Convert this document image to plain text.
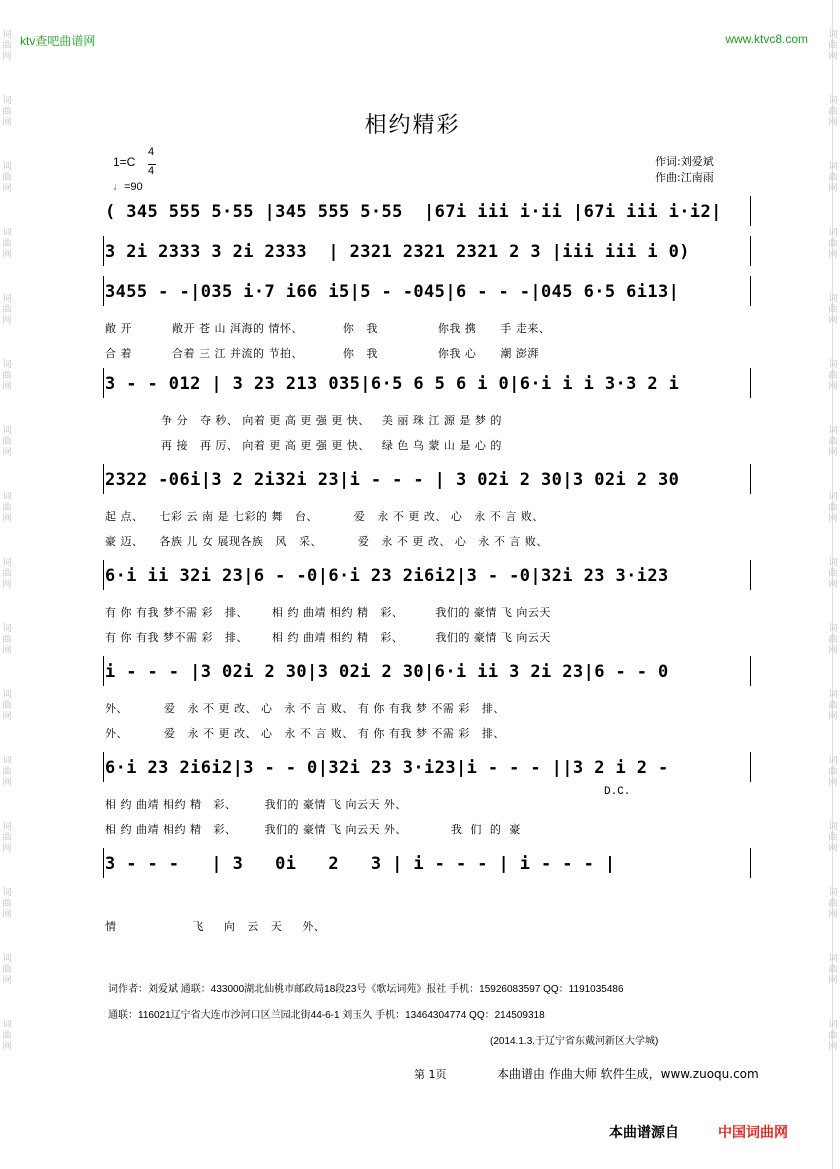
ktv查吧曲谱网	www.ktvc8.com
词
曲
网
词
曲
网
词
曲
网
词
曲
网
词
曲
网
词
曲
网
词
曲
网
词
曲
网
词
曲
网
词
曲
网
词
曲
网
词
曲
网
词
曲
网
词
曲
网
词
曲
网
词
曲
网
词
曲
网
词
曲
网
词
曲
网
词
曲
网
词
曲
网
词
曲
网
词
曲
网
词
曲
网
词
曲
网
词
曲
网
词
曲
网
词
曲
网
词
曲
网
词
曲
网
词
曲
网
词
曲
网
相约精彩
1=C
4
4
♩=90
作词:刘爱斌
作曲:江南雨
( 345 555 5·55 |345 555 5·55  |67i iii i·ii |67i iii i·i2|
3 2i 2333 3 2i 2333  | 2321 2321 2321 2 3 |iii iii i 0)
3455 - -|035 i·7 i66 i5|5 - -045|6 - - -|045 6·5 6i13|
敞 开          敞开 苍 山 洱海的 情怀、          你   我               你我 携      手 走来、
合 着          合着 三 江 并流的 节拍、          你   我               你我 心      潮 澎湃
3 - - 012 | 3 23 213 035|6·5 6 5 6 i 0|6·i i i 3·3 2 i
争 分   夺 秒、 向着 更 高 更 强 更 快、   美 丽 珠 江 源 是 梦 的
再 接   再 厉、 向着 更 高 更 强 更 快、   绿 色 乌 蒙 山 是 心 的
2322 -06i|3 2 2i32i 23|i - - - | 3 02i 2 30|3 02i 2 30
起 点、    七彩 云 南 是 七彩的 舞   台、         爱   永 不 更 改、 心   永 不 言 败、
豪 迈、    各族 儿 女 展现各族   风   采、         爱   永 不 更 改、 心   永 不 言 败、
6·i ii 32i 23|6 - -0|6·i 23 2i6i2|3 - -0|32i 23 3·i23
有 你 有我 梦不需 彩   排、      相 约 曲靖 相约 精   彩、        我们的 豪情 飞 向云天
有 你 有我 梦不需 彩   排、      相 约 曲靖 相约 精   彩、        我们的 豪情 飞 向云天
i - - - |3 02i 2 30|3 02i 2 30|6·i ii 3 2i 23|6 - - 0
外、         爱   永 不 更 改、 心   永 不 言 败、 有 你 有我 梦 不需 彩   排、
外、         爱   永 不 更 改、 心   永 不 言 败、 有 你 有我 梦 不需 彩   排、
6·i 23 2i6i2|3 - - 0|32i 23 3·i23|i - - - ||3 2 i 2 -
D.C.
相 约 曲靖 相约 精   彩、       我们的 豪情 飞 向云天 外、
相 约 曲靖 相约 精   彩、       我们的 豪情 飞 向云天 外、           我  们  的  豪
3 - - -   | 3   0i   2   3 | i - - - | i - - - |
情                   飞     向   云   天     外、
词作者：刘爱斌 通联：433000湖北仙桃市邮政局18段23号《歌坛词苑》报社 手机：15926083597 QQ：1191035486
通联：116021辽宁省大连市沙河口区兰园北街44-6-1 刘玉久 手机：13464304774 QQ：214509318
(2014.1.3.于辽宁省东戴河新区大学城)
第 1页	本曲谱由 作曲大师 软件生成，www.zuoqu.com
本曲谱源自	中国词曲网
